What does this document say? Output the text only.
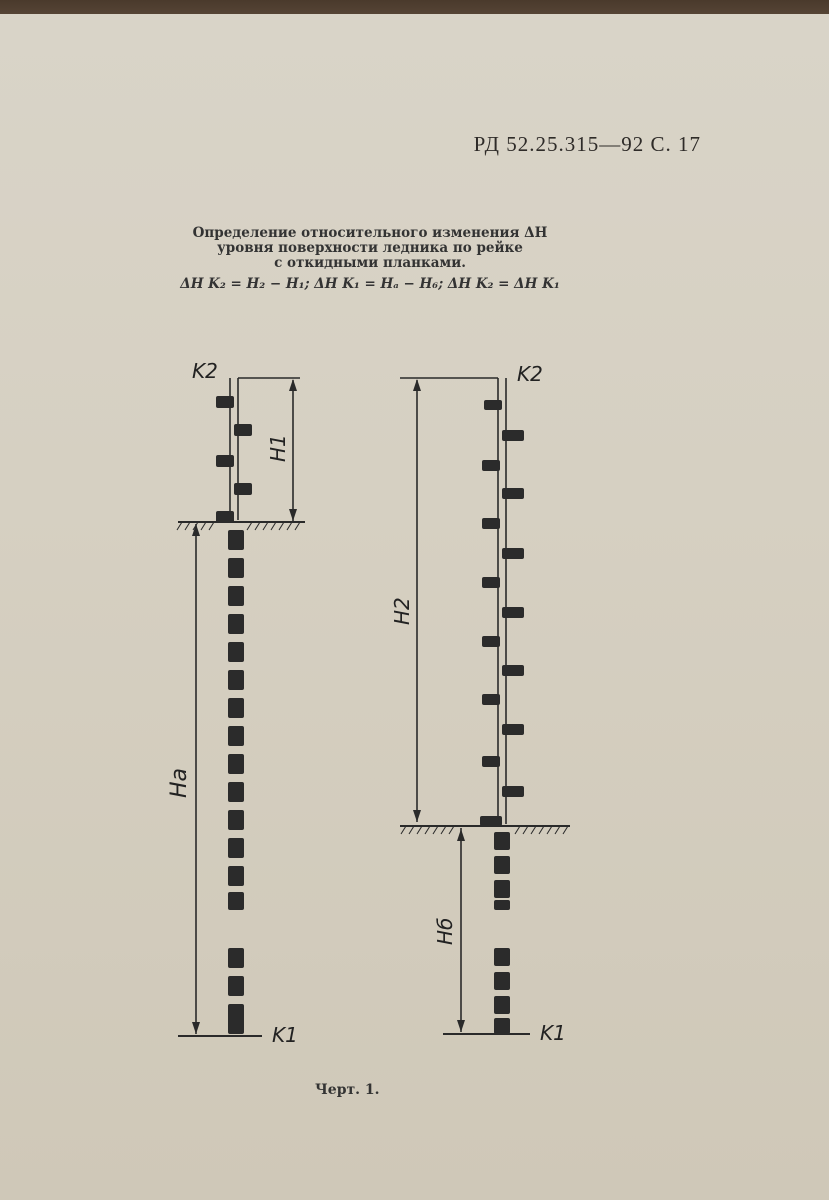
РД 52.25.315—92 С. 17
Определение относительного изменения ΔH
уровня поверхности ледника по рейке
с откидными планками.
ΔH K₂ = H₂ − H₁; ΔH K₁ = Hₐ − H₆; ΔH K₂ = ΔH K₁
Черт. 1.
K2
K1
H1
Ha
K2
K1
H2
Hб
